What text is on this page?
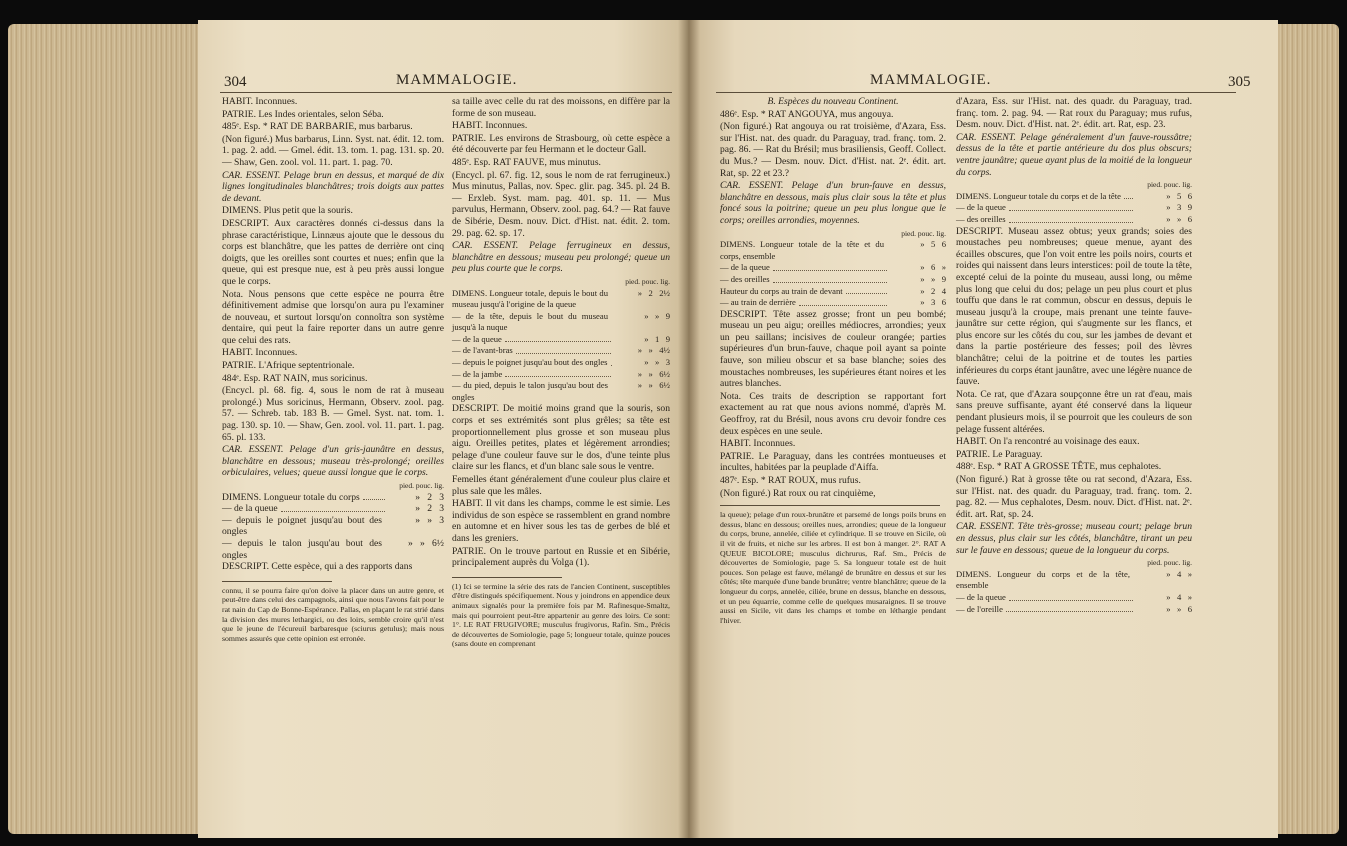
304	MAMMALOGIE.

HABIT. Inconnues.

PATRIE. Les Indes orientales, selon Séba.

485ᵉ. Esp. * RAT DE BARBARIE, mus barbarus.

(Non figuré.) Mus barbarus, Linn. Syst. nat. édit. 12. tom. 1. pag. 2. add. — Gmel. édit. 13. tom. 1. pag. 131. sp. 20. — Shaw, Gen. zool. vol. 11. part. 1. pag. 70.

CAR. ESSENT. Pelage brun en dessus, et marqué de dix lignes longitudinales blanchâtres; trois doigts aux pattes de devant.

DIMENS. Plus petit que la souris.

DESCRIPT. Aux caractères donnés ci-dessus dans la phrase caractéristique, Linnæus ajoute que le dessous du corps est blanchâtre, que les pattes de derrière ont cinq doigts, que les oreilles sont courtes et nues; enfin que la queue, qui est presque nue, est à peu près aussi longue que le corps.

Nota. Nous pensons que cette espèce ne pourra être définitivement admise que lorsqu'on aura pu l'examiner de nouveau, et surtout lorsqu'on connoîtra son système dentaire, qui peut la faire reporter dans un autre genre que celui des rats.

HABIT. Inconnues.

PATRIE. L'Afrique septentrionale.

484ᵉ. Esp. RAT NAIN, mus soricinus.

(Encycl. pl. 68. fig. 4, sous le nom de rat à museau prolongé.) Mus soricinus, Hermann, Observ. zool. pag. 57. — Schreb. tab. 183 B. — Gmel. Syst. nat. tom. 1. pag. 130. sp. 10. — Shaw, Gen. zool. vol. 11. part. 1. pag. 65. pl. 133.

CAR. ESSENT. Pelage d'un gris-jaunâtre en dessus, blanchâtre en dessous; museau très-prolongé; oreilles orbiculaires, velues; queue aussi longue que le corps.

pied. pouc. lig.
DIMENS. Longueur totale du corps	»   2   3
— de la queue	»   2   3
— depuis le poignet jusqu'au bout des ongles
»   »   3
— depuis le talon jusqu'au bout des ongles
»   »   6½

DESCRIPT. Cette espèce, qui a des rapports dans

connu, il se pourra faire qu'on doive la placer dans un autre genre, et peut-être dans celui des campagnols, ainsi que nous l'avons fait pour le rat nain du Cap de Bonne-Espérance. Pallas, en plaçant le rat strié dans la division des mures lethargici, ou des loirs, semble croire qu'il n'est que le jeune de l'écureuil barbaresque (sciurus getulus); mais nous sommes assurés que cette opinion est erronée.

sa taille avec celle du rat des moissons, en diffère par la forme de son museau.

HABIT. Inconnues.

PATRIE. Les environs de Strasbourg, où cette espèce a été découverte par feu Hermann et le docteur Gall.

485ᵉ. Esp. RAT FAUVE, mus minutus.

(Encycl. pl. 67. fig. 12, sous le nom de rat ferrugineux.) Mus minutus, Pallas, nov. Spec. glir. pag. 345. pl. 24 B. — Erxleb. Syst. mam. pag. 401. sp. 11. — Mus parvulus, Hermann, Observ. zool. pag. 64.? — Rat fauve de Sibérie, Desm. nouv. Dict. d'Hist. nat. édit. 2. tom. 29. pag. 62. sp. 17.

CAR. ESSENT. Pelage ferrugineux en dessus, blanchâtre en dessous; museau peu prolongé; queue un peu plus courte que le corps.

pied. pouc. lig.
DIMENS. Longueur totale, depuis le bout du museau jusqu'à l'origine de la queue
»   2   2½
— de la tête, depuis le bout du museau jusqu'à la nuque
»   »   9
— de la queue	»   1   9
— de l'avant-bras	»   »   4½
— depuis le poignet jusqu'au bout des ongles	»   »   3
— de la jambe	»   »   6½
— du pied, depuis le talon jusqu'au bout des ongles
»   »   6½

DESCRIPT. De moitié moins grand que la souris, son corps et ses extrémités sont plus grêles; sa tête est proportionnellement plus grosse et son museau plus aigu. Oreilles petites, plates et légèrement arrondies; pelage d'une couleur fauve sur le dos, d'une teinte plus claire sur les flancs, et d'un blanc sale sous le ventre.

Femelles étant généralement d'une couleur plus claire et plus sale que les mâles.

HABIT. Il vit dans les champs, comme le est simie. Les individus de son espèce se rassemblent en grand nombre en automne et en hiver sous les tas de gerbes de blé et dans les greniers.

PATRIE. On le trouve partout en Russie et en Sibérie, principalement auprès du Volga (1).

(1) Ici se termine la série des rats de l'ancien Continent, susceptibles d'être distingués spécifiquement. Nous y joindrons en appendice deux animaux signalés pour la première fois par M. Rafinesque-Smaltz, mais qui pourroient peut-être appartenir au genre des loirs. Ce sont: 1°. LE RAT FRUGIVORE; musculus frugivorus, Rafin. Sm., Précis de découvertes de Somiologie, page 5; longueur totale, quinze pouces (sans doute en comprenant

MAMMALOGIE.	305

B. Espèces du nouveau Continent.

486ᵉ. Esp. * RAT ANGOUYA, mus angouya.

(Non figuré.) Rat angouya ou rat troisième, d'Azara, Ess. sur l'Hist. nat. des quadr. du Paraguay, trad. franç. tom. 2. pag. 86. — Rat du Brésil; mus brasiliensis, Geoff. Collect. du Mus.? — Desm. nouv. Dict. d'Hist. nat. 2ᵉ. édit. art. Rat, sp. 22 et 23.?

CAR. ESSENT. Pelage d'un brun-fauve en dessus, blanchâtre en dessous, mais plus clair sous la tête et plus foncé sous la poitrine; queue un peu plus longue que le corps; oreilles arrondies, moyennes.

pied. pouc. lig.
DIMENS. Longueur totale de la tête et du corps, ensemble
»   5   6
— de la queue	»   6   »
— des oreilles	»   »   9
Hauteur du corps au train de devant	»   2   4
— au train de derrière	»   3   6

DESCRIPT. Tête assez grosse; front un peu bombé; museau un peu aigu; oreilles médiocres, arrondies; yeux un peu saillans; incisives de couleur orangée; parties supérieures d'un brun-fauve, chaque poil ayant sa pointe fauve, son milieu obscur et sa base blanche; soies des moustaches nombreuses, les supérieures étant noires et les autres blanches.

Nota. Ces traits de description se rapportant fort exactement au rat que nous avions nommé, d'après M. Geoffroy, rat du Brésil, nous avons cru devoir fondre ces deux espèces en une seule.

HABIT. Inconnues.

PATRIE. Le Paraguay, dans les contrées montueuses et incultes, habitées par la peuplade d'Aiffa.

487ᵉ. Esp. * RAT ROUX, mus rufus.

(Non figuré.) Rat roux ou rat cinquième,

la queue); pelage d'un roux-brunâtre et parsemé de longs poils bruns en dessus, blanc en dessous; oreilles nues, arrondies; queue de la longueur du corps, brune, annelée, ciliée et cylindrique. Il se trouve en Sicile, où il vit de fruits, et niche sur les arbres. Il est bon à manger. 2°. RAT A QUEUE BICOLORE; musculus dichrurus, Raf. Sm., Précis de découvertes de Somiologie, page 5. Sa longueur totale est de huit pouces. Son pelage est fauve, mélangé de brunâtre en dessus et sur les côtés; tête marquée d'une bande brunâtre; ventre blanchâtre; queue de la longueur du corps, annelée, ciliée, brune en dessus, blanche en dessous, et un peu équarrie, comme celle de quelques musaraignes. Il se trouve aussi en Sicile, vit dans les champs et tombe en léthargie pendant l'hiver.

d'Azara, Ess. sur l'Hist. nat. des quadr. du Paraguay, trad. franç. tom. 2. pag. 94. — Rat roux du Paraguay; mus rufus, Desm. nouv. Dict. d'Hist. nat. 2ᵉ. édit. art. Rat, esp. 23.

CAR. ESSENT. Pelage généralement d'un fauve-roussâtre; dessus de la tête et partie antérieure du dos plus obscurs; ventre jaunâtre; queue ayant plus de la moitié de la longueur du corps.

pied. pouc. lig.
DIMENS. Longueur totale du corps et de la tête	»   5   6
— de la queue	»   3   9
— des oreilles	»   »   6

DESCRIPT. Museau assez obtus; yeux grands; soies des moustaches peu nombreuses; queue menue, ayant des écailles obscures, que l'on voit entre les poils noirs, courts et roides qui naissent dans leurs interstices: poil de toute la tête, excepté celui de la pointe du museau, aussi long, ou même plus long que celui du dos; pelage un peu plus court et plus touffu que dans le rat commun, obscur en dessus, depuis le museau jusqu'à la croupe, mais prenant une teinte fauve-jaunâtre sur cette région, qui s'augmente sur les flancs, et plus encore sur les côtés du cou, sur les jambes de devant et dans la partie postérieure des fesses; poil des lèvres blanchâtre; celui de la poitrine et de toutes les parties inférieures du corps étant jaunâtre, avec une légère nuance de fauve.

Nota. Ce rat, que d'Azara soupçonne être un rat d'eau, mais sans preuve suffisante, ayant été conservé dans la liqueur pendant plusieurs mois, il se pourroit que les couleurs de son pelage fussent altérées.

HABIT. On l'a rencontré au voisinage des eaux.

PATRIE. Le Paraguay.

488ᵉ. Esp. * RAT A GROSSE TÊTE, mus cephalotes.

(Non figuré.) Rat à grosse tête ou rat second, d'Azara, Ess. sur l'Hist. nat. des quadr. du Paraguay, trad. franç. tom. 2. pag. 82. — Mus cephalotes, Desm. nouv. Dict. d'Hist. nat. 2ᵉ. édit. art. Rat, sp. 24.

CAR. ESSENT. Tête très-grosse; museau court; pelage brun en dessus, plus clair sur les côtés, blanchâtre, tirant un peu sur le fauve en dessous; queue de la longueur du corps.

pied. pouc. lig.
DIMENS. Longueur du corps et de la tête, ensemble
»   4   »
— de la queue	»   4   »
— de l'oreille	»   »   6
